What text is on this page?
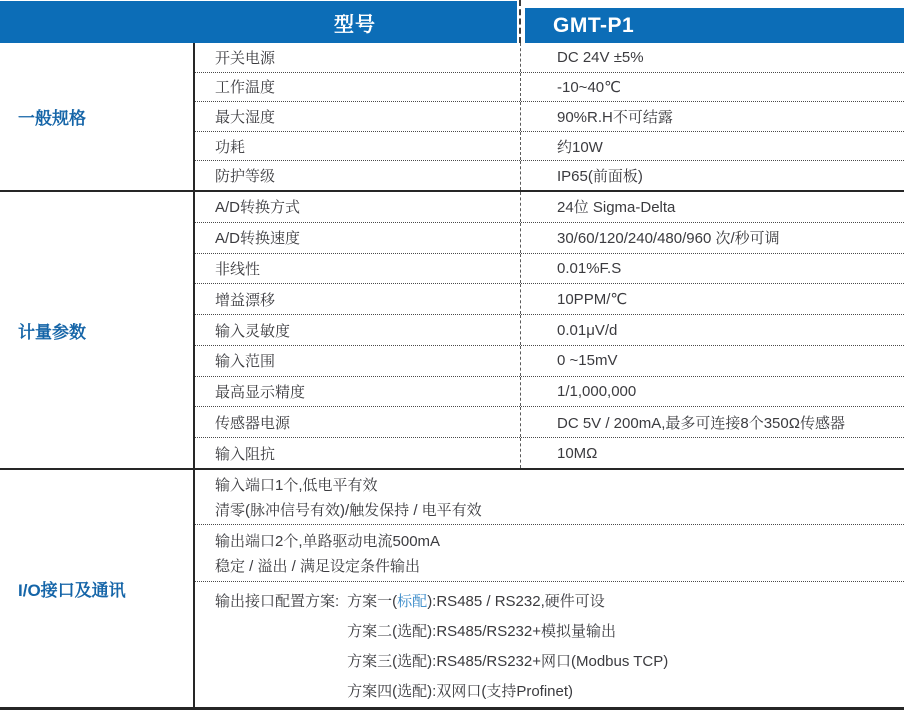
型号	GMT-P1
一般规格
开关电源	DC 24V ±5%
工作温度	-10~40℃
最大湿度	90%R.H不可结露
功耗	约10W
防护等级	IP65(前面板)
计量参数
A/D转换方式	24位 Sigma-Delta
A/D转换速度	30/60/120/240/480/960 次/秒可调
非线性	0.01%F.S
增益漂移	10PPM/℃
输入灵敏度	0.01μV/d
输入范围	0 ~15mV
最高显示精度	1/1,000,000
传感器电源	DC 5V / 200mA,最多可连接8个350Ω传感器
输入阻抗	10MΩ
I/O接口及通讯
输入端口1个,低电平有效
清零(脉冲信号有效)/触发保持 / 电平有效
输出端口2个,单路驱动电流500mA
稳定 / 溢出 / 满足设定条件输出
输出接口配置方案: 方案一(标配):RS485 / RS232,硬件可设
方案二(选配):RS485/RS232+模拟量输出
方案三(选配):RS485/RS232+网口(Modbus TCP)
方案四(选配):双网口(支持Profinet)
